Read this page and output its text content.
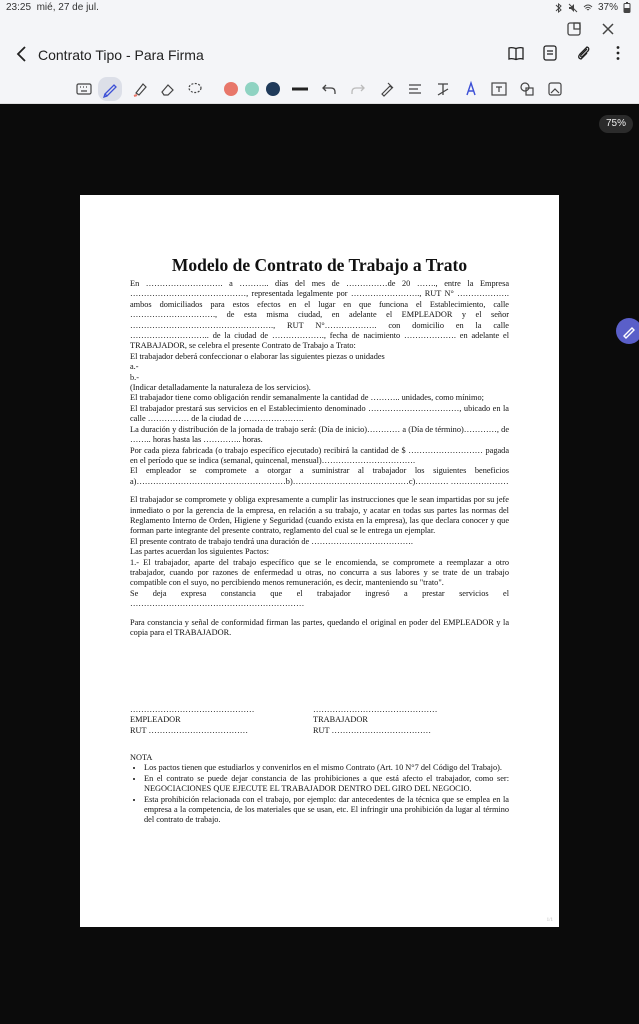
23:25 mié, 27 de jul.	37%
Contrato Tipo - Para Firma
75%
Modelo de Contrato de Trabajo a Trato

En ………………………. a ……….. días del mes de ……………de 20 ……., entre la Empresa ……………………………………, representada legalmente por ……………………., RUT N° ………………. ambos domiciliados para estos efectos en el lugar en que funciona el Establecimiento, calle …………………………., de esta misma ciudad, en adelante el EMPLEADOR y el señor ……………………………………………., RUT N°………………. con domicilio en la calle ……………………….. de la ciudad de ………………., fecha de nacimiento ………………. en adelante el TRABAJADOR, se celebra el presente Contrato de Trabajo a Trato:

El trabajador deberá confeccionar o elaborar las siguientes piezas o unidades

a.-

b.-

(Indicar detalladamente la naturaleza de los servicios).

El trabajador tiene como obligación rendir semanalmente la cantidad de ……….. unidades, como mínimo;

El trabajador prestará sus servicios en el Establecimiento denominado ……………………………, ubicado en la calle …………… de la ciudad de ………………….

La duración y distribución de la jornada de trabajo será: (Día de inicio)………… a (Día de término)…………, de …….. horas hasta las ………….. horas.

Por cada pieza fabricada (o trabajo específico ejecutado) recibirá la cantidad de $ ……………………… pagada en el período que se indica (semanal, quincenal, mensual)…………………………….

El empleador se compromete a otorgar a suministrar al trabajador los siguientes beneficios a)………………………………………………b)……………………………………c)………… …………………

El trabajador se compromete y obliga expresamente a cumplir las instrucciones que le sean impartidas por su jefe inmediato o por la gerencia de la empresa, en relación a su trabajo, y acatar en todas sus partes las normas del Reglamento Interno de Orden, Higiene y Seguridad (cuando exista en la empresa), las que declara conocer y que forman parte integrante del presente contrato, reglamento del cual se le entrega un ejemplar.

El presente contrato de trabajo tendrá una duración de ……………………………….

Las partes acuerdan los siguientes Pactos:

1.- El trabajador, aparte del trabajo específico que se le encomienda, se compromete a reemplazar a otro trabajador, cuando por razones de enfermedad u otras, no concurra a sus labores y se trate de un trabajo compatible con el suyo, no percibiendo menos remuneración, es decir, manteniendo su "trato".

Se deja expresa constancia que el trabajador ingresó a prestar servicios el ………………………………………………………

Para constancia y señal de conformidad firman las partes, quedando el original en poder del EMPLEADOR y la copia para el TRABAJADOR.

………………………………………
EMPLEADOR
RUT ………………………………
………………………………………
TRABAJADOR
RUT ………………………………
NOTA
• Los pactos tienen que estudiarlos y convenirlos en el mismo Contrato (Art. 10 N°7 del Código del Trabajo).
• En el contrato se puede dejar constancia de las prohibiciones a que está afecto el trabajador, como ser: NEGOCIACIONES QUE EJECUTE EL TRABAJADOR DENTRO DEL GIRO DEL NEGOCIO.
• Esta prohibición relacionada con el trabajo, por ejemplo: dar antecedentes de la técnica que se emplea en la empresa a la competencia, de los materiales que se usan, etc. El infringir una prohibición da lugar al término del contrato de trabajo.
1/1
